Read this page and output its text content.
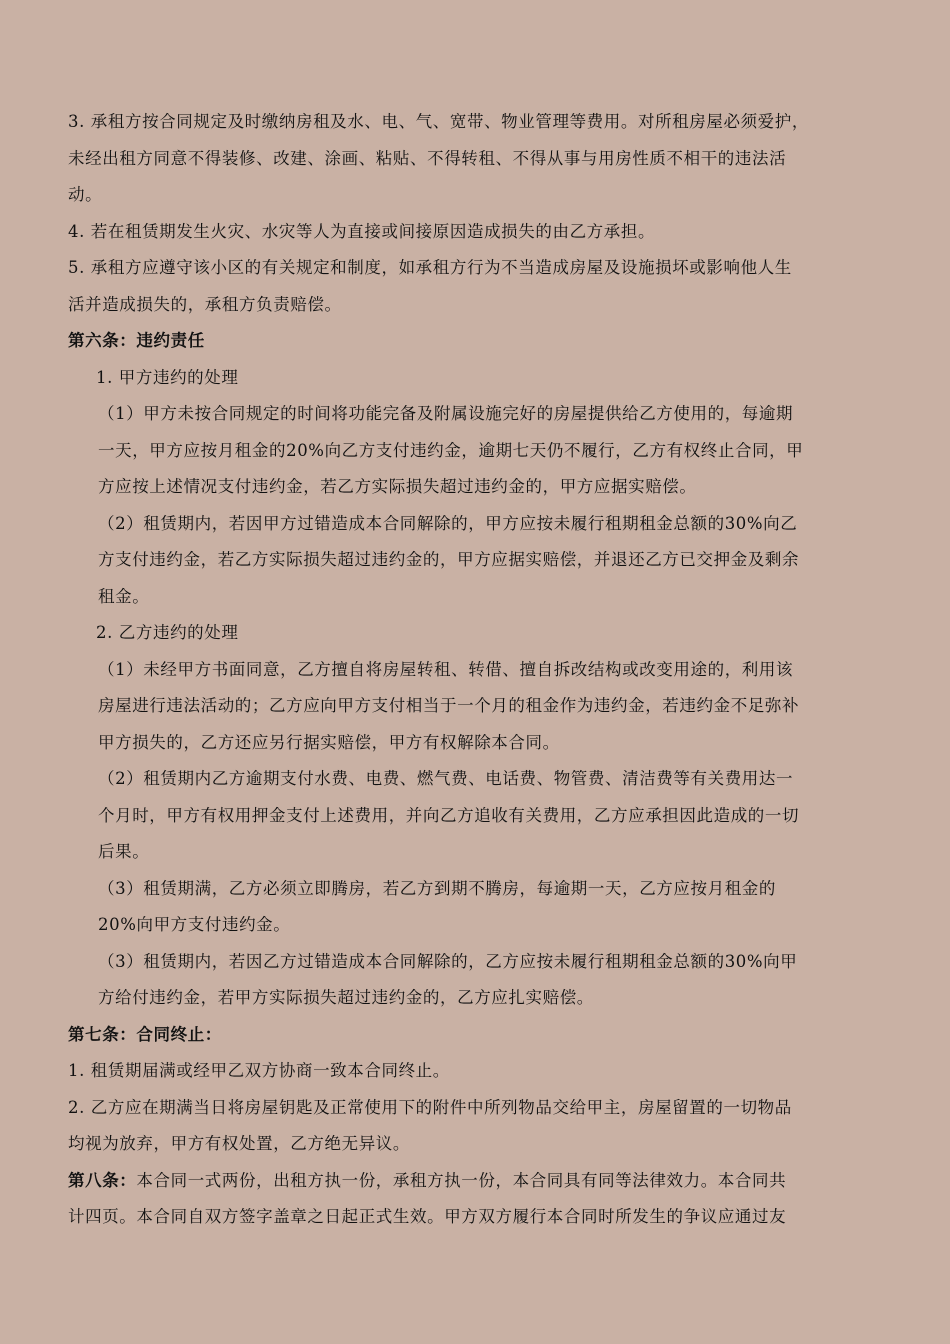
3. 承租方按合同规定及时缴纳房租及水、电、气、宽带、物业管理等费用。对所租房屋必须爱护，

未经出租方同意不得装修、改建、涂画、粘贴、不得转租、不得从事与用房性质不相干的违法活

动。

4. 若在租赁期发生火灾、水灾等人为直接或间接原因造成损失的由乙方承担。

5. 承租方应遵守该小区的有关规定和制度，如承租方行为不当造成房屋及设施损坏或影响他人生

活并造成损失的，承租方负责赔偿。

第六条：违约责任

1. 甲方违约的处理

（1）甲方未按合同规定的时间将功能完备及附属设施完好的房屋提供给乙方使用的，每逾期

一天，甲方应按月租金的20%向乙方支付违约金，逾期七天仍不履行，乙方有权终止合同，甲

方应按上述情况支付违约金，若乙方实际损失超过违约金的，甲方应据实赔偿。

（2）租赁期内，若因甲方过错造成本合同解除的，甲方应按未履行租期租金总额的30%向乙

方支付违约金，若乙方实际损失超过违约金的，甲方应据实赔偿，并退还乙方已交押金及剩余

租金。

2. 乙方违约的处理

（1）未经甲方书面同意，乙方擅自将房屋转租、转借、擅自拆改结构或改变用途的，利用该

房屋进行违法活动的；乙方应向甲方支付相当于一个月的租金作为违约金，若违约金不足弥补

甲方损失的，乙方还应另行据实赔偿，甲方有权解除本合同。

（2）租赁期内乙方逾期支付水费、电费、燃气费、电话费、物管费、清洁费等有关费用达一

个月时，甲方有权用押金支付上述费用，并向乙方追收有关费用，乙方应承担因此造成的一切

后果。

（3）租赁期满，乙方必须立即腾房，若乙方到期不腾房，每逾期一天，乙方应按月租金的

20%向甲方支付违约金。

（3）租赁期内，若因乙方过错造成本合同解除的，乙方应按未履行租期租金总额的30%向甲

方给付违约金，若甲方实际损失超过违约金的，乙方应扎实赔偿。

第七条：合同终止：

1. 租赁期届满或经甲乙双方协商一致本合同终止。

2. 乙方应在期满当日将房屋钥匙及正常使用下的附件中所列物品交给甲主，房屋留置的一切物品

均视为放弃，甲方有权处置，乙方绝无异议。

第八条：本合同一式两份，出租方执一份，承租方执一份，本合同具有同等法律效力。本合同共

计四页。本合同自双方签字盖章之日起正式生效。甲方双方履行本合同时所发生的争议应通过友
